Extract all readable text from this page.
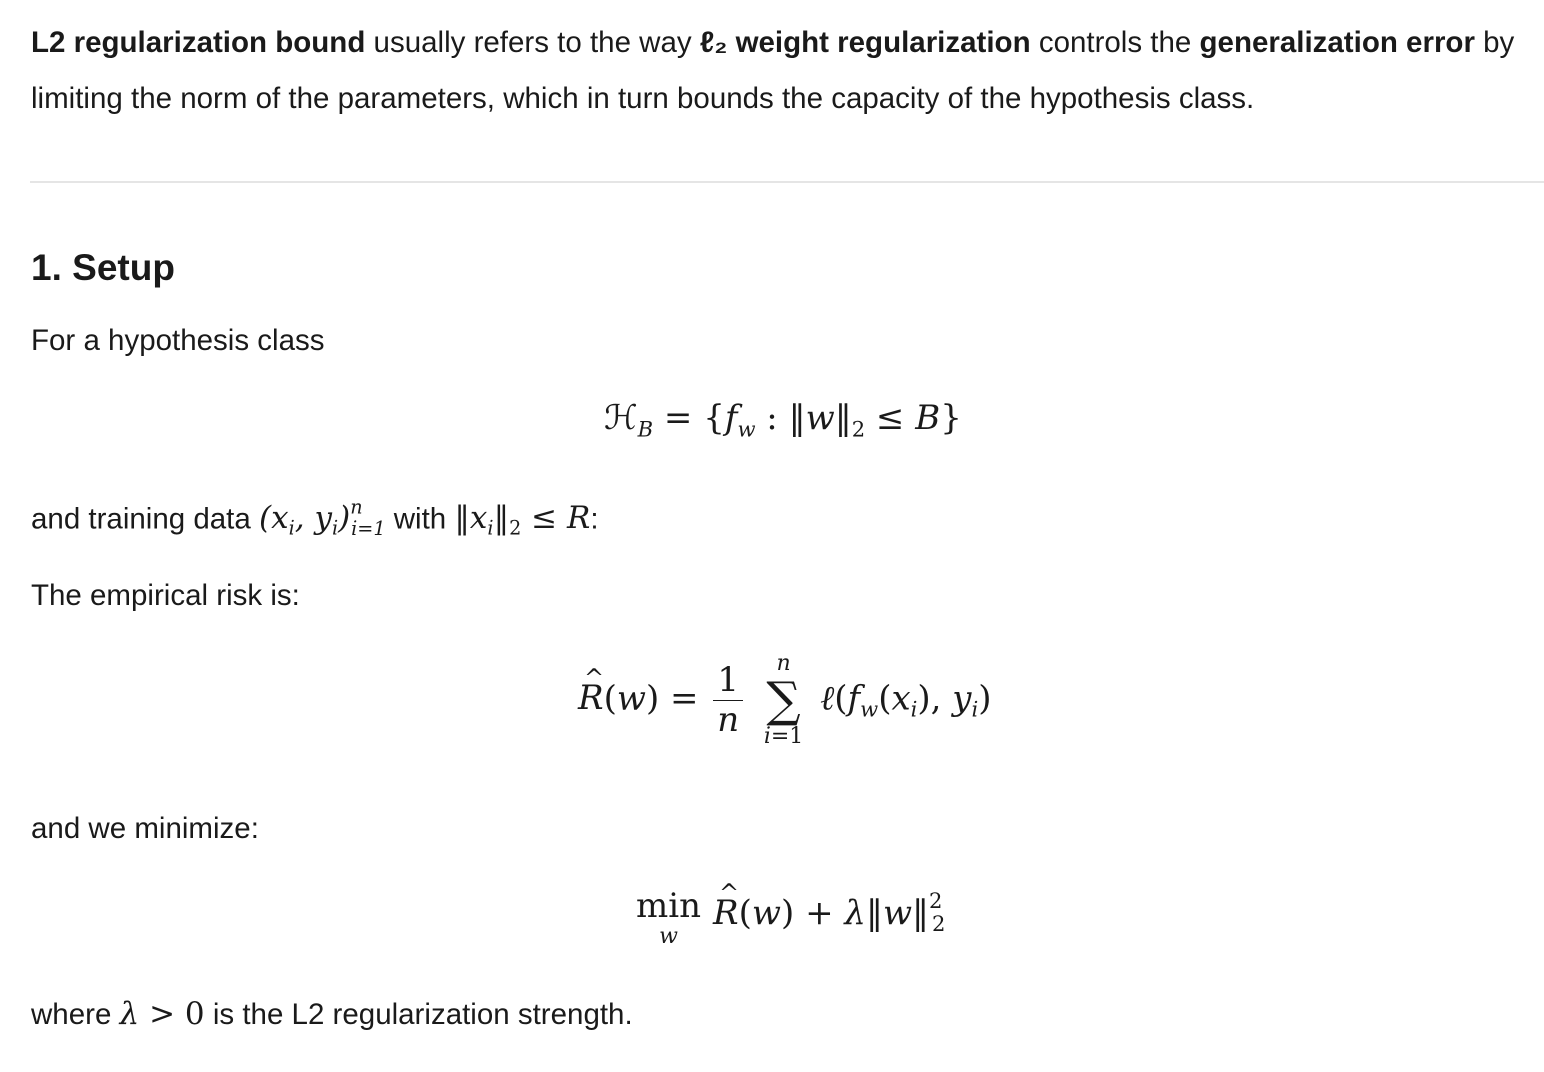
L2 regularization bound usually refers to the way ℓ₂ weight regularization controls the generalization error by limiting the norm of the parameters, which in turn bounds the capacity of the hypothesis class.

1. Setup

For a hypothesis class

ℋ$_B$ = {$f_w$ : $‖w‖_2 \le B$}

and training data ($x_i$, $y_i)^n_{i=1}$ with $‖x_i‖_2 \le R$:

The empirical risk is:

^ $R(w) = \frac{1}{n}$
	n
∑
i=1
$\ell(f_w(x_i)$, $y_i$)

and we minimize:

min
w
^ R(w) + λ‖w‖$^2_2$

where λ > 0 is the L2 regularization strength.
